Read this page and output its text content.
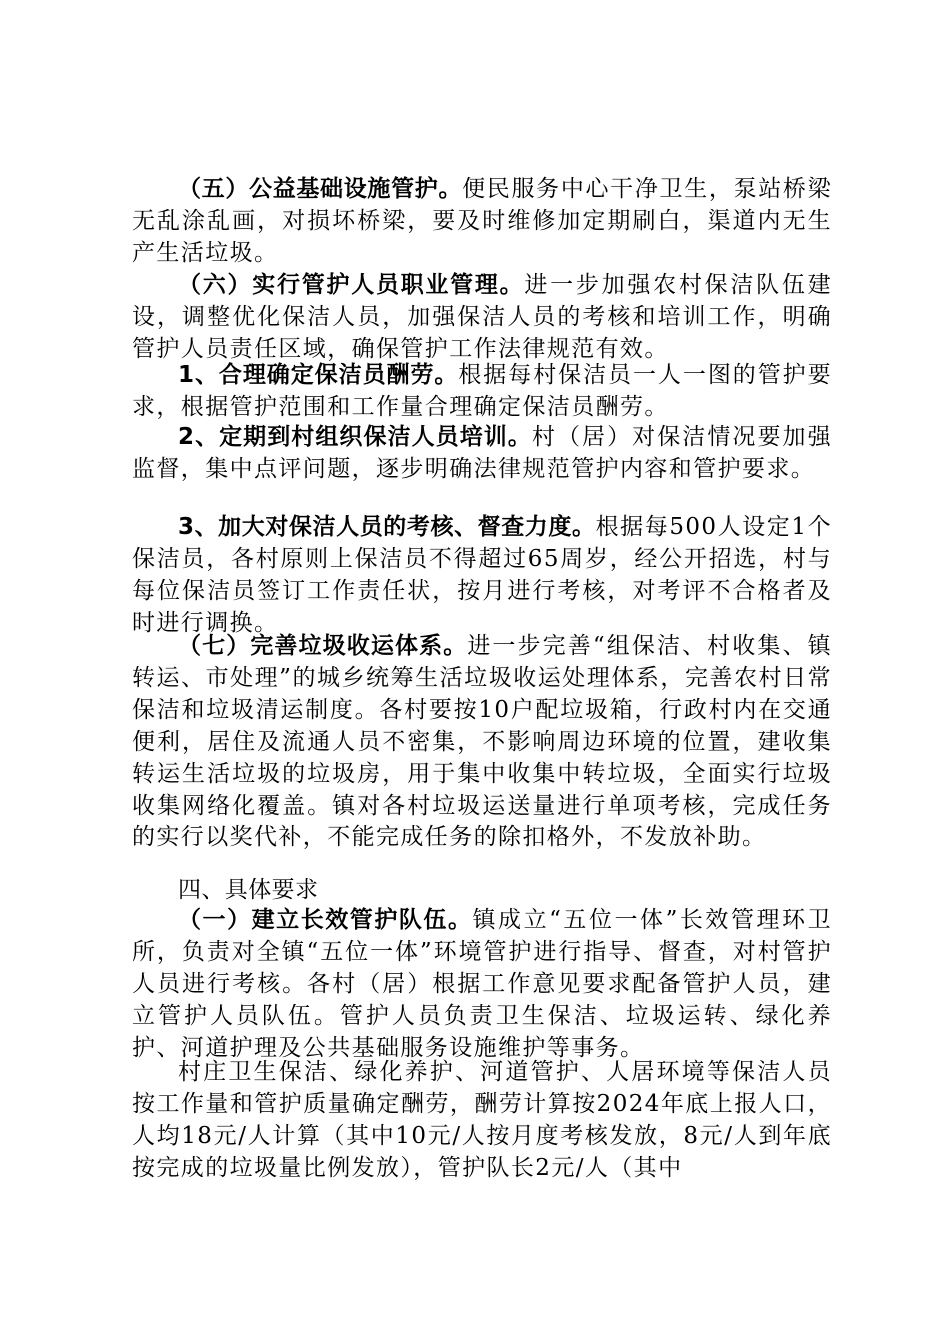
（五）公益基础设施管护。便民服务中心干净卫生，泵站桥梁无乱涂乱画，对损坏桥梁，要及时维修加定期刷白，渠道内无生产生活垃圾。

（六）实行管护人员职业管理。进一步加强农村保洁队伍建设，调整优化保洁人员，加强保洁人员的考核和培训工作，明确管护人员责任区域，确保管护工作法律规范有效。

1、合理确定保洁员酬劳。根据每村保洁员一人一图的管护要求，根据管护范围和工作量合理确定保洁员酬劳。

2、定期到村组织保洁人员培训。村（居）对保洁情况要加强监督，集中点评问题，逐步明确法律规范管护内容和管护要求。

3、加大对保洁人员的考核、督查力度。根据每500人设定1个保洁员，各村原则上保洁员不得超过65周岁，经公开招选，村与每位保洁员签订工作责任状，按月进行考核，对考评不合格者及时进行调换。

（七）完善垃圾收运体系。进一步完善“组保洁、村收集、镇转运、市处理”的城乡统筹生活垃圾收运处理体系，完善农村日常保洁和垃圾清运制度。各村要按10户配垃圾箱，行政村内在交通便利，居住及流通人员不密集，不影响周边环境的位置，建收集转运生活垃圾的垃圾房，用于集中收集中转垃圾，全面实行垃圾收集网络化覆盖。镇对各村垃圾运送量进行单项考核，完成任务的实行以奖代补，不能完成任务的除扣格外，不发放补助。

四、具体要求

（一）建立长效管护队伍。镇成立“五位一体”长效管理环卫所，负责对全镇“五位一体”环境管护进行指导、督查，对村管护人员进行考核。各村（居）根据工作意见要求配备管护人员，建立管护人员队伍。管护人员负责卫生保洁、垃圾运转、绿化养护、河道护理及公共基础服务设施维护等事务。

村庄卫生保洁、绿化养护、河道管护、人居环境等保洁人员按工作量和管护质量确定酬劳，酬劳计算按2024年底上报人口，人均18元/人计算（其中10元/人按月度考核发放，8元/人到年底按完成的垃圾量比例发放），管护队长2元/人（其中
